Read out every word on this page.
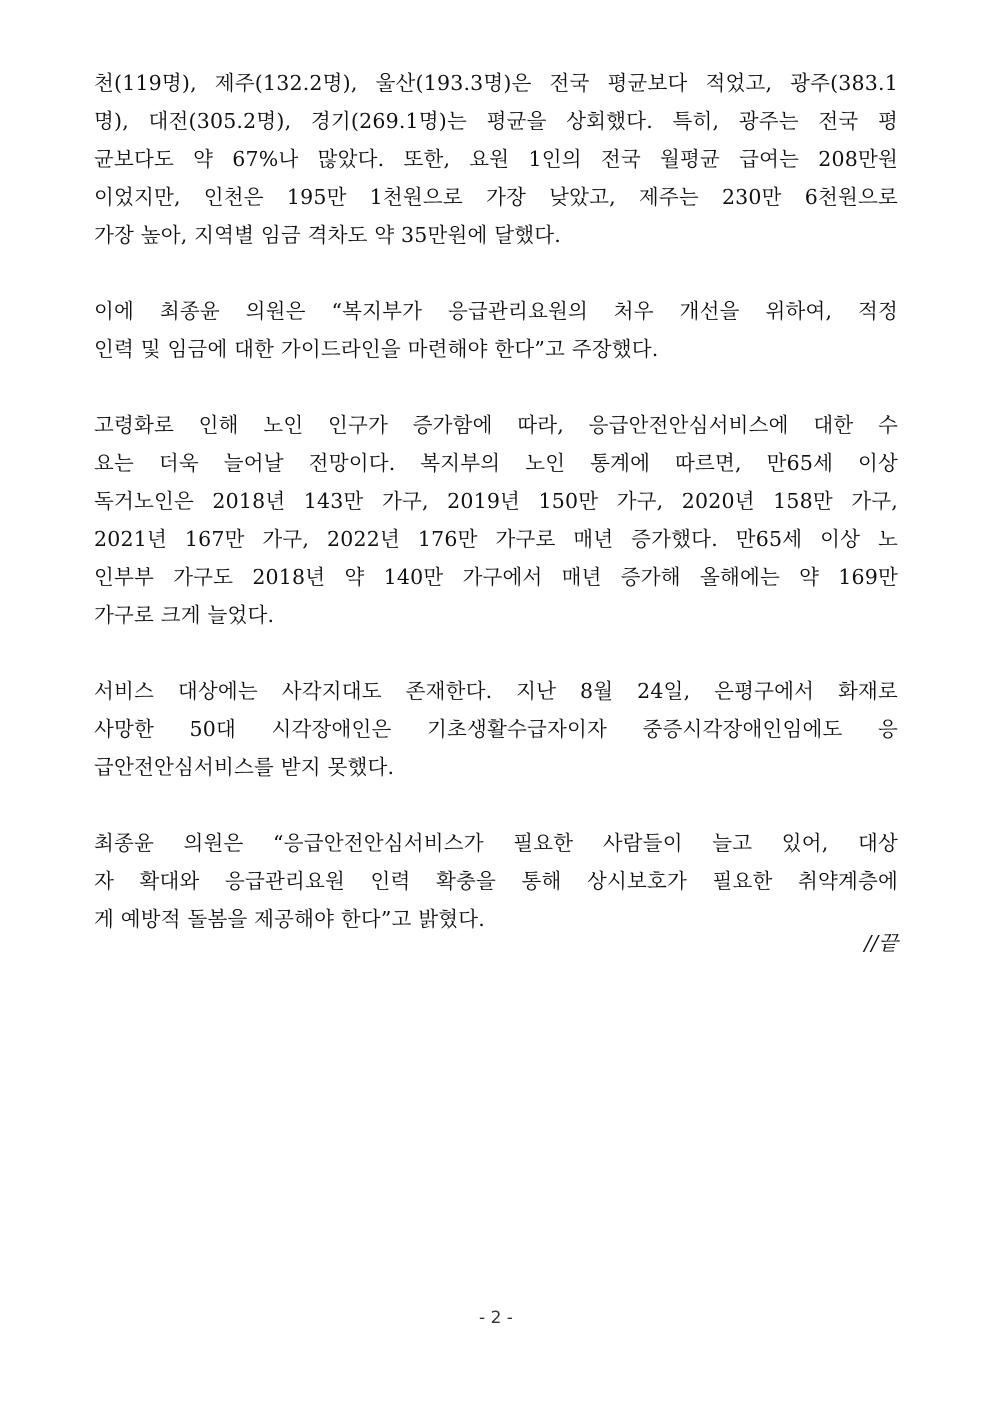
천(119명), 제주(132.2명), 울산(193.3명)은 전국 평균보다 적었고, 광주(383.1
명), 대전(305.2명), 경기(269.1명)는 평균을 상회했다. 특히, 광주는 전국 평
균보다도 약 67%나 많았다. 또한, 요원 1인의 전국 월평균 급여는 208만원
이었지만, 인천은 195만 1천원으로 가장 낮았고, 제주는 230만 6천원으로
가장 높아, 지역별 임금 격차도 약 35만원에 달했다.

이에 최종윤 의원은 “복지부가 응급관리요원의 처우 개선을 위하여, 적정
인력 및 임금에 대한 가이드라인을 마련해야 한다”고 주장했다.

고령화로 인해 노인 인구가 증가함에 따라, 응급안전안심서비스에 대한 수
요는 더욱 늘어날 전망이다. 복지부의 노인 통계에 따르면, 만65세 이상
독거노인은 2018년 143만 가구, 2019년 150만 가구, 2020년 158만 가구,
2021년 167만 가구, 2022년 176만 가구로 매년 증가했다. 만65세 이상 노
인부부 가구도 2018년 약 140만 가구에서 매년 증가해 올해에는 약 169만
가구로 크게 늘었다.

서비스 대상에는 사각지대도 존재한다. 지난 8월 24일, 은평구에서 화재로
사망한 50대 시각장애인은 기초생활수급자이자 중증시각장애인임에도 응
급안전안심서비스를 받지 못했다.

최종윤 의원은 “응급안전안심서비스가 필요한 사람들이 늘고 있어, 대상
자 확대와 응급관리요원 인력 확충을 통해 상시보호가 필요한 취약계층에
게 예방적 돌봄을 제공해야 한다”고 밝혔다.

//끝
- 2 -
